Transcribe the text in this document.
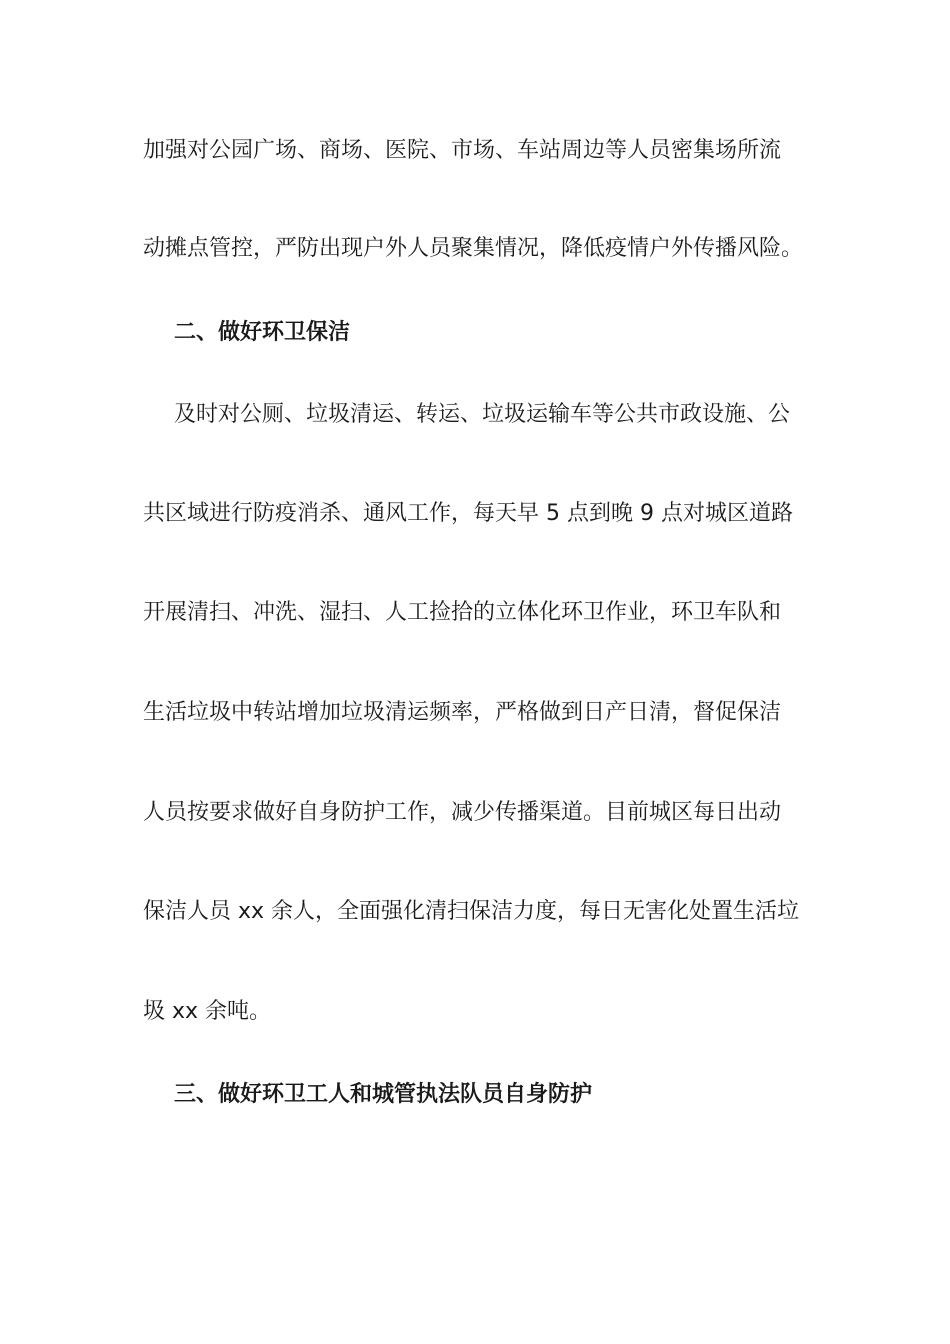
加强对公园广场、商场、医院、市场、车站周边等人员密集场所流
动摊点管控，严防出现户外人员聚集情况，降低疫情户外传播风险。
二、做好环卫保洁
及时对公厕、垃圾清运、转运、垃圾运输车等公共市政设施、公
共区域进行防疫消杀、通风工作，每天早 5 点到晚 9 点对城区道路
开展清扫、冲洗、湿扫、人工捡拾的立体化环卫作业，环卫车队和
生活垃圾中转站增加垃圾清运频率，严格做到日产日清，督促保洁
人员按要求做好自身防护工作，减少传播渠道。目前城区每日出动
保洁人员 xx 余人，全面强化清扫保洁力度，每日无害化处置生活垃
圾 xx 余吨。
三、做好环卫工人和城管执法队员自身防护
